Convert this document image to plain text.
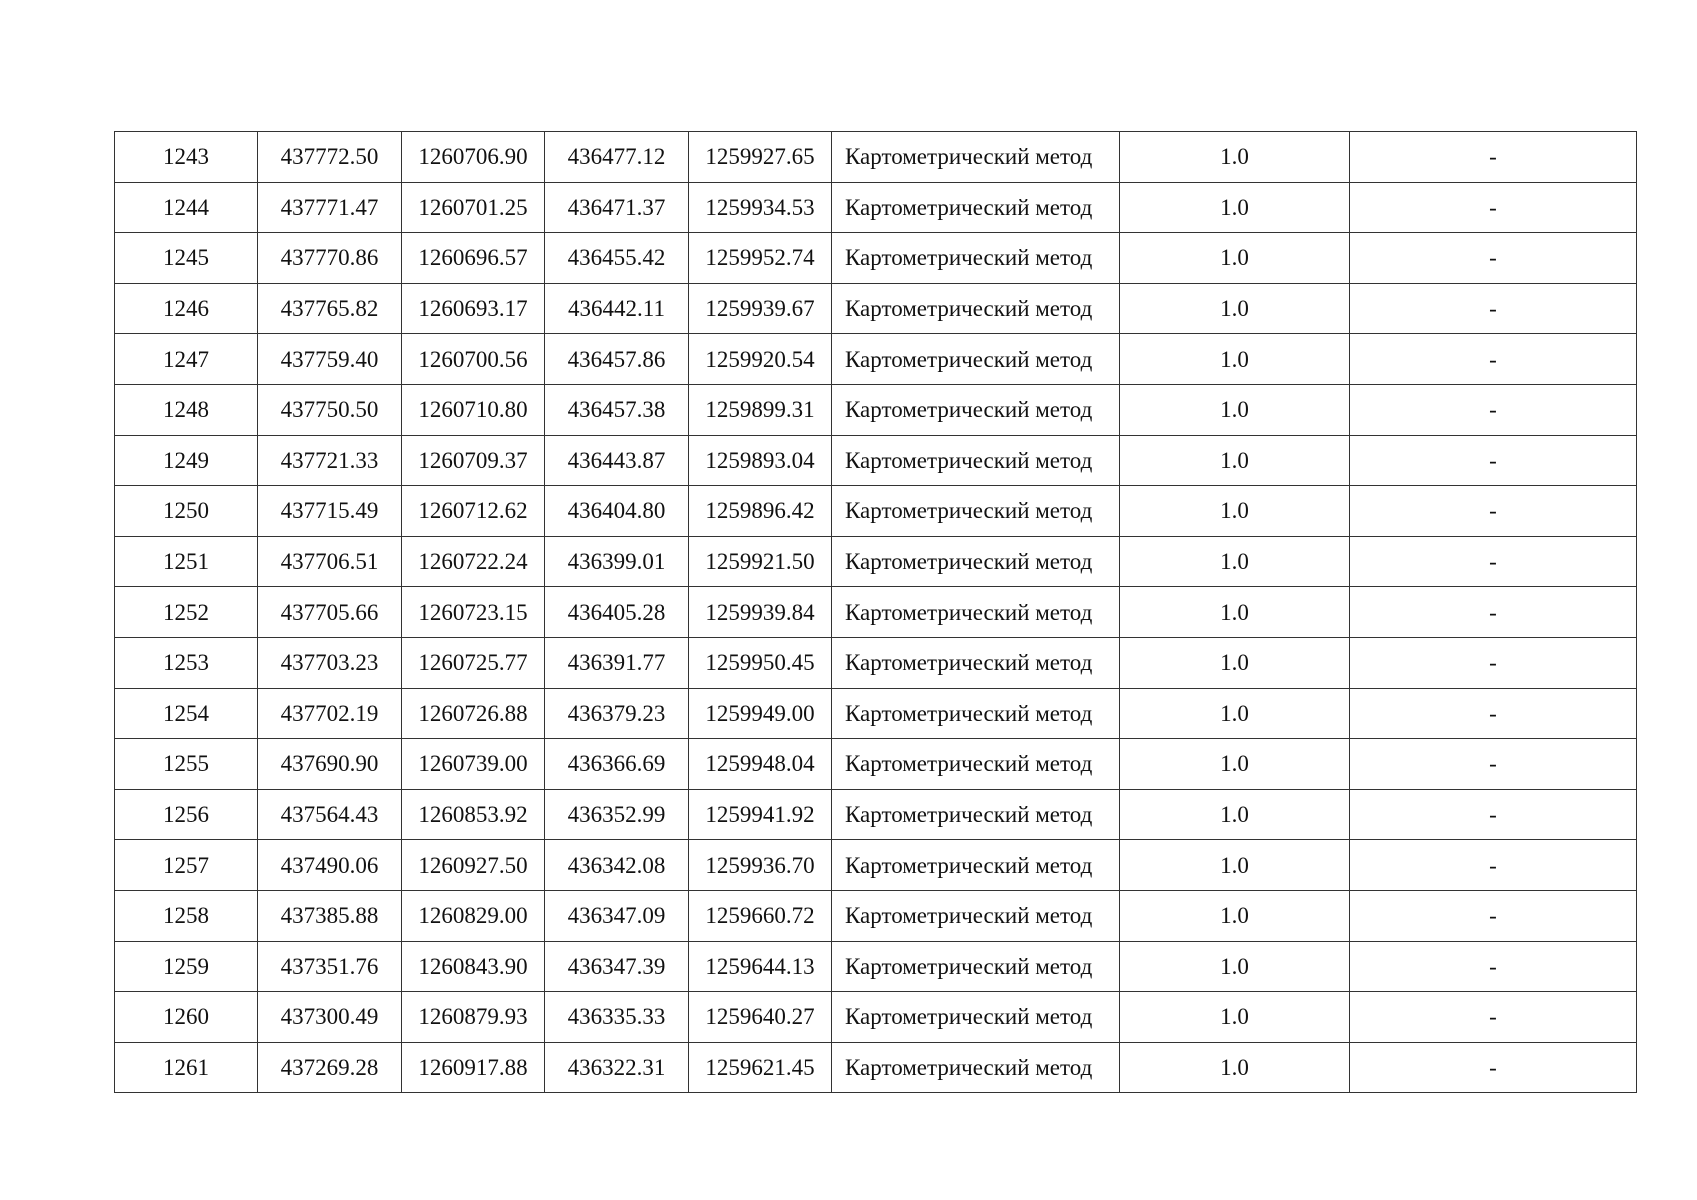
1243	437772.50	1260706.90	436477.12	1259927.65	Картометрический метод	1.0	-
1244	437771.47	1260701.25	436471.37	1259934.53	Картометрический метод	1.0	-
1245	437770.86	1260696.57	436455.42	1259952.74	Картометрический метод	1.0	-
1246	437765.82	1260693.17	436442.11	1259939.67	Картометрический метод	1.0	-
1247	437759.40	1260700.56	436457.86	1259920.54	Картометрический метод	1.0	-
1248	437750.50	1260710.80	436457.38	1259899.31	Картометрический метод	1.0	-
1249	437721.33	1260709.37	436443.87	1259893.04	Картометрический метод	1.0	-
1250	437715.49	1260712.62	436404.80	1259896.42	Картометрический метод	1.0	-
1251	437706.51	1260722.24	436399.01	1259921.50	Картометрический метод	1.0	-
1252	437705.66	1260723.15	436405.28	1259939.84	Картометрический метод	1.0	-
1253	437703.23	1260725.77	436391.77	1259950.45	Картометрический метод	1.0	-
1254	437702.19	1260726.88	436379.23	1259949.00	Картометрический метод	1.0	-
1255	437690.90	1260739.00	436366.69	1259948.04	Картометрический метод	1.0	-
1256	437564.43	1260853.92	436352.99	1259941.92	Картометрический метод	1.0	-
1257	437490.06	1260927.50	436342.08	1259936.70	Картометрический метод	1.0	-
1258	437385.88	1260829.00	436347.09	1259660.72	Картометрический метод	1.0	-
1259	437351.76	1260843.90	436347.39	1259644.13	Картометрический метод	1.0	-
1260	437300.49	1260879.93	436335.33	1259640.27	Картометрический метод	1.0	-
1261	437269.28	1260917.88	436322.31	1259621.45	Картометрический метод	1.0	-
